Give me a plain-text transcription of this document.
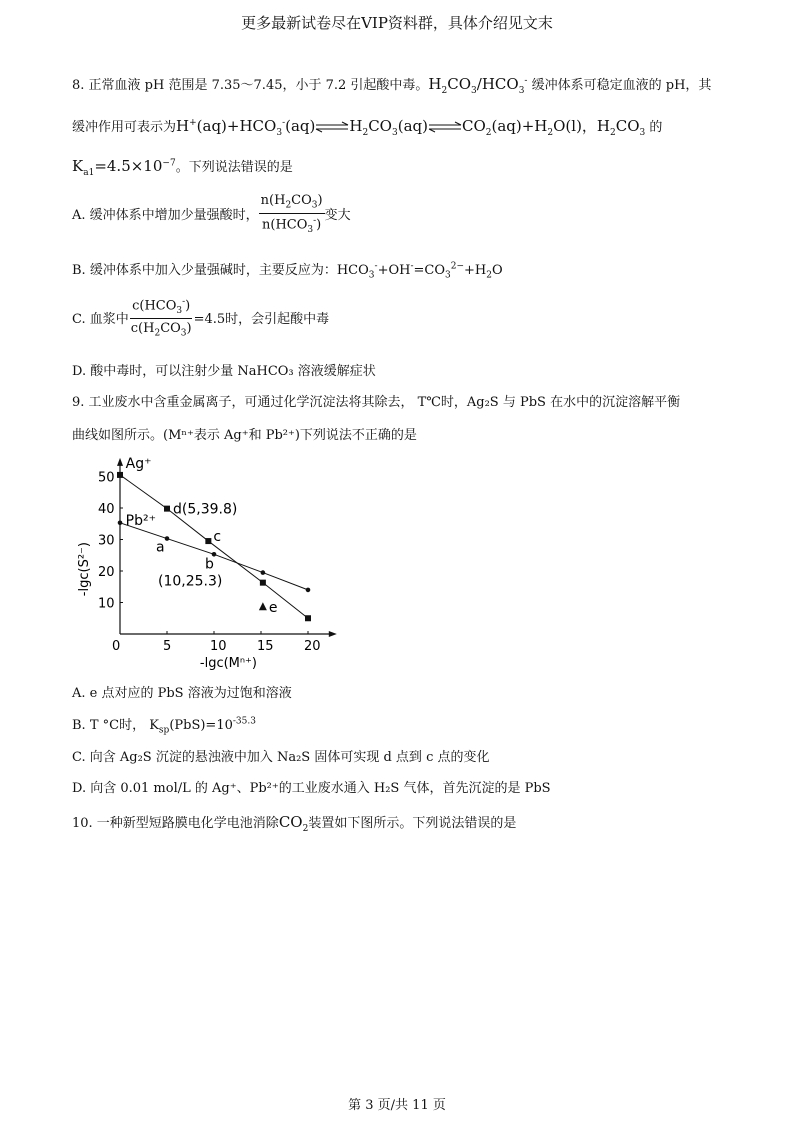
更多最新试卷尽在VIP资料群，具体介绍见文末
8. 正常血液 pH 范围是 7.35～7.45，小于 7.2 引起酸中毒。$H_2CO_3/HCO_3^-$ 缓冲体系可稳定血液的 pH，其
缓冲作用可表示为$H^+(aq)+HCO_3^-(aq)\rightleftharpoons H_2CO_3(aq)\rightleftharpoons CO_2(aq)+H_2O(l)$，$H_2CO_3$ 的
$K_{a1}=4.5\times 10^{-7}$。下列说法错误的是
A. 缓冲体系中增加少量强酸时， $\frac{n(H_2CO_3)}{n(HCO_3^-)}$ 变大
B. 缓冲体系中加入少量强碱时，主要反应为：$HCO_3^-+OH^-=CO_3^{2-}+H_2O$
C. 血浆中 $\frac{c(HCO_3^-)}{c(H_2CO_3)} =4.5$时，会引起酸中毒
D. 酸中毒时，可以注射少量 NaHCO₃ 溶液缓解症状
9. 工业废水中含重金属离子，可通过化学沉淀法将其除去， T℃时，Ag₂S 与 PbS 在水中的沉淀溶解平衡
曲线如图所示。(Mⁿ⁺表示 Ag⁺和 Pb²⁺)下列说法不正确的是
0	5	10 15 20
10
20
30
40
50
-lgc(Mⁿ⁺)
-lgc(S²⁻)
Ag⁺
Pb²⁺
d(5,39.8)
c
a
b
(10,25.3)
e
A. e 点对应的 PbS 溶液为过饱和溶液
B. T °C时， $K_{sp}(PbS)=10^{-35.3}$
C. 向含 Ag₂S 沉淀的悬浊液中加入 Na₂S 固体可实现 d 点到 c 点的变化
D. 向含 0.01 mol/L 的 Ag⁺、Pb²⁺的工业废水通入 H₂S 气体，首先沉淀的是 PbS
10. 一种新型短路膜电化学电池消除$CO_2$装置如下图所示。下列说法错误的是
第 3 页/共 11 页
